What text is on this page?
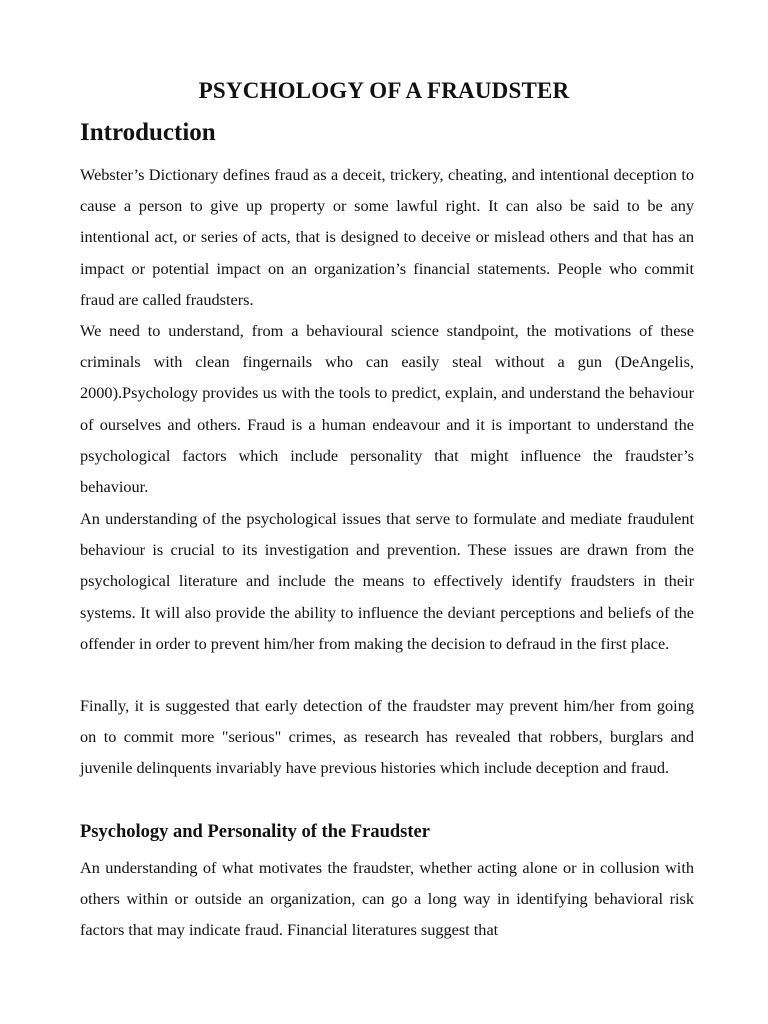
PSYCHOLOGY OF A FRAUDSTER
Introduction

Webster’s Dictionary defines fraud as a deceit, trickery, cheating, and intentional deception to cause a person to give up property or some lawful right. It can also be said to be any intentional act, or series of acts, that is designed to deceive or mislead others and that has an impact or potential impact on an organization’s financial statements. People who commit fraud are called fraudsters.

We need to understand, from a behavioural science standpoint, the motivations of these criminals with clean fingernails who can easily steal without a gun (DeAngelis, 2000).Psychology provides us with the tools to predict, explain, and understand the behaviour of ourselves and others. Fraud is a human endeavour and it is important to understand the psychological factors which include personality that might influence the fraudster’s behaviour.

An understanding of the psychological issues that serve to formulate and mediate fraudulent behaviour is crucial to its investigation and prevention. These issues are drawn from the psychological literature and include the means to effectively identify fraudsters in their systems. It will also provide the ability to influence the deviant perceptions and beliefs of the offender in order to prevent him/her from making the decision to defraud in the first place.

Finally, it is suggested that early detection of the fraudster may prevent him/her from going on to commit more "serious" crimes, as research has revealed that robbers, burglars and juvenile delinquents invariably have previous histories which include deception and fraud.

Psychology and Personality of the Fraudster

An understanding of what motivates the fraudster, whether acting alone or in collusion with others within or outside an organization, can go a long way in identifying behavioral risk factors that may indicate fraud. Financial literatures suggest that
